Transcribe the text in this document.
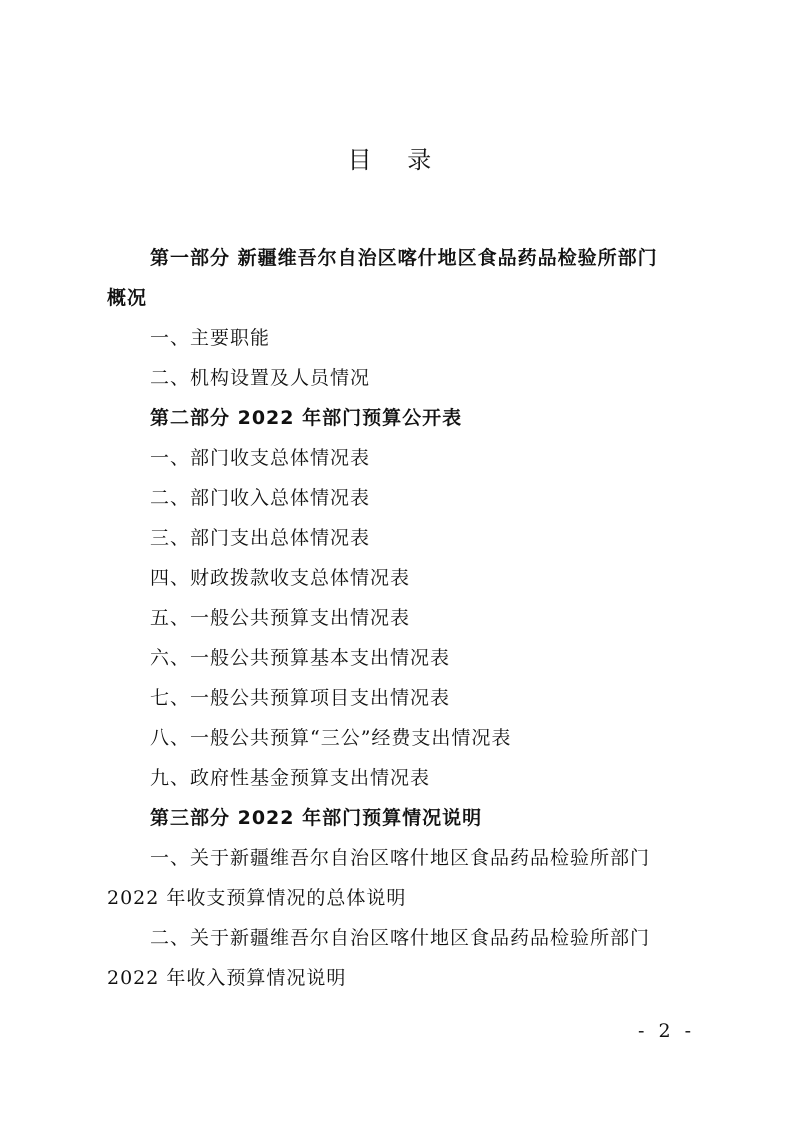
目 录
第一部分 新疆维吾尔自治区喀什地区食品药品检验所部门
概况
一、主要职能
二、机构设置及人员情况
第二部分 2022 年部门预算公开表
一、部门收支总体情况表
二、部门收入总体情况表
三、部门支出总体情况表
四、财政拨款收支总体情况表
五、一般公共预算支出情况表
六、一般公共预算基本支出情况表
七、一般公共预算项目支出情况表
八、一般公共预算“三公”经费支出情况表
九、政府性基金预算支出情况表
第三部分 2022 年部门预算情况说明
一、关于新疆维吾尔自治区喀什地区食品药品检验所部门
2022 年收支预算情况的总体说明
二、关于新疆维吾尔自治区喀什地区食品药品检验所部门
2022 年收入预算情况说明
- 2 -
